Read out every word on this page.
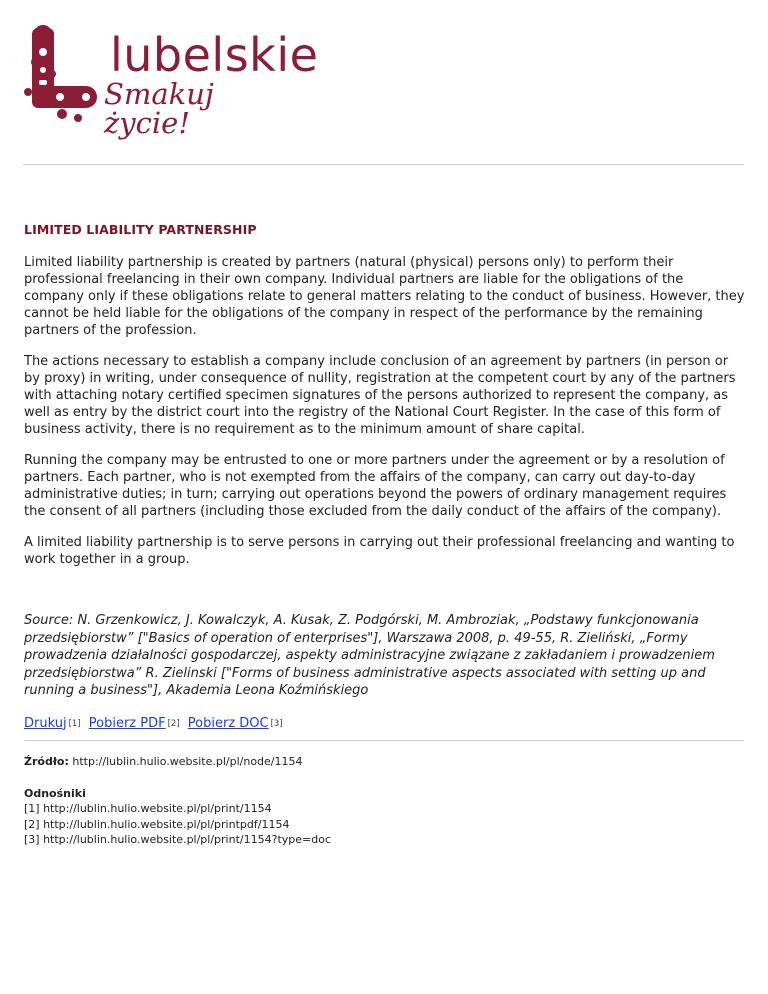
lubelskie
Smakuj życie!
LIMITED LIABILITY PARTNERSHIP

Limited liability partnership is created by partners (natural (physical) persons only) to perform their professional freelancing in their own company. Individual partners are liable for the obligations of the company only if these obligations relate to general matters relating to the conduct of business. However, they cannot be held liable for the obligations of the company in respect of the performance by the remaining partners of the profession.

The actions necessary to establish a company include conclusion of an agreement by partners (in person or by proxy) in writing, under consequence of nullity, registration at the competent court by any of the partners with attaching notary certified specimen signatures of the persons authorized to represent the company, as well as entry by the district court into the registry of the National Court Register. In the case of this form of business activity, there is no requirement as to the minimum amount of share capital.

Running the company may be entrusted to one or more partners under the agreement or by a resolution of partners. Each partner, who is not exempted from the affairs of the company, can carry out day-to-day administrative duties; in turn; carrying out operations beyond the powers of ordinary management requires the consent of all partners (including those excluded from the daily conduct of the affairs of the company).

A limited liability partnership is to serve persons in carrying out their professional freelancing and wanting to work together in a group.

Source: N. Grzenkowicz, J. Kowalczyk, A. Kusak, Z. Podgórski, M. Ambroziak, „Podstawy funkcjonowania przedsiębiorstw” ["Basics of operation of enterprises"], Warszawa 2008, p. 49-55, R. Zieliński, „Formy prowadzenia działalności gospodarczej, aspekty administracyjne związane z zakładaniem i prowadzeniem przedsiębiorstwa” R. Zielinski ["Forms of business administrative aspects associated with setting up and running a business"], Akademia Leona Koźmińskiego

Drukuj [1] Pobierz PDF [2] Pobierz DOC [3]
Źródło: http://lublin.hulio.website.pl/pl/node/1154
Odnośniki
[1] http://lublin.hulio.website.pl/pl/print/1154
[2] http://lublin.hulio.website.pl/pl/printpdf/1154
[3] http://lublin.hulio.website.pl/pl/print/1154?type=doc
